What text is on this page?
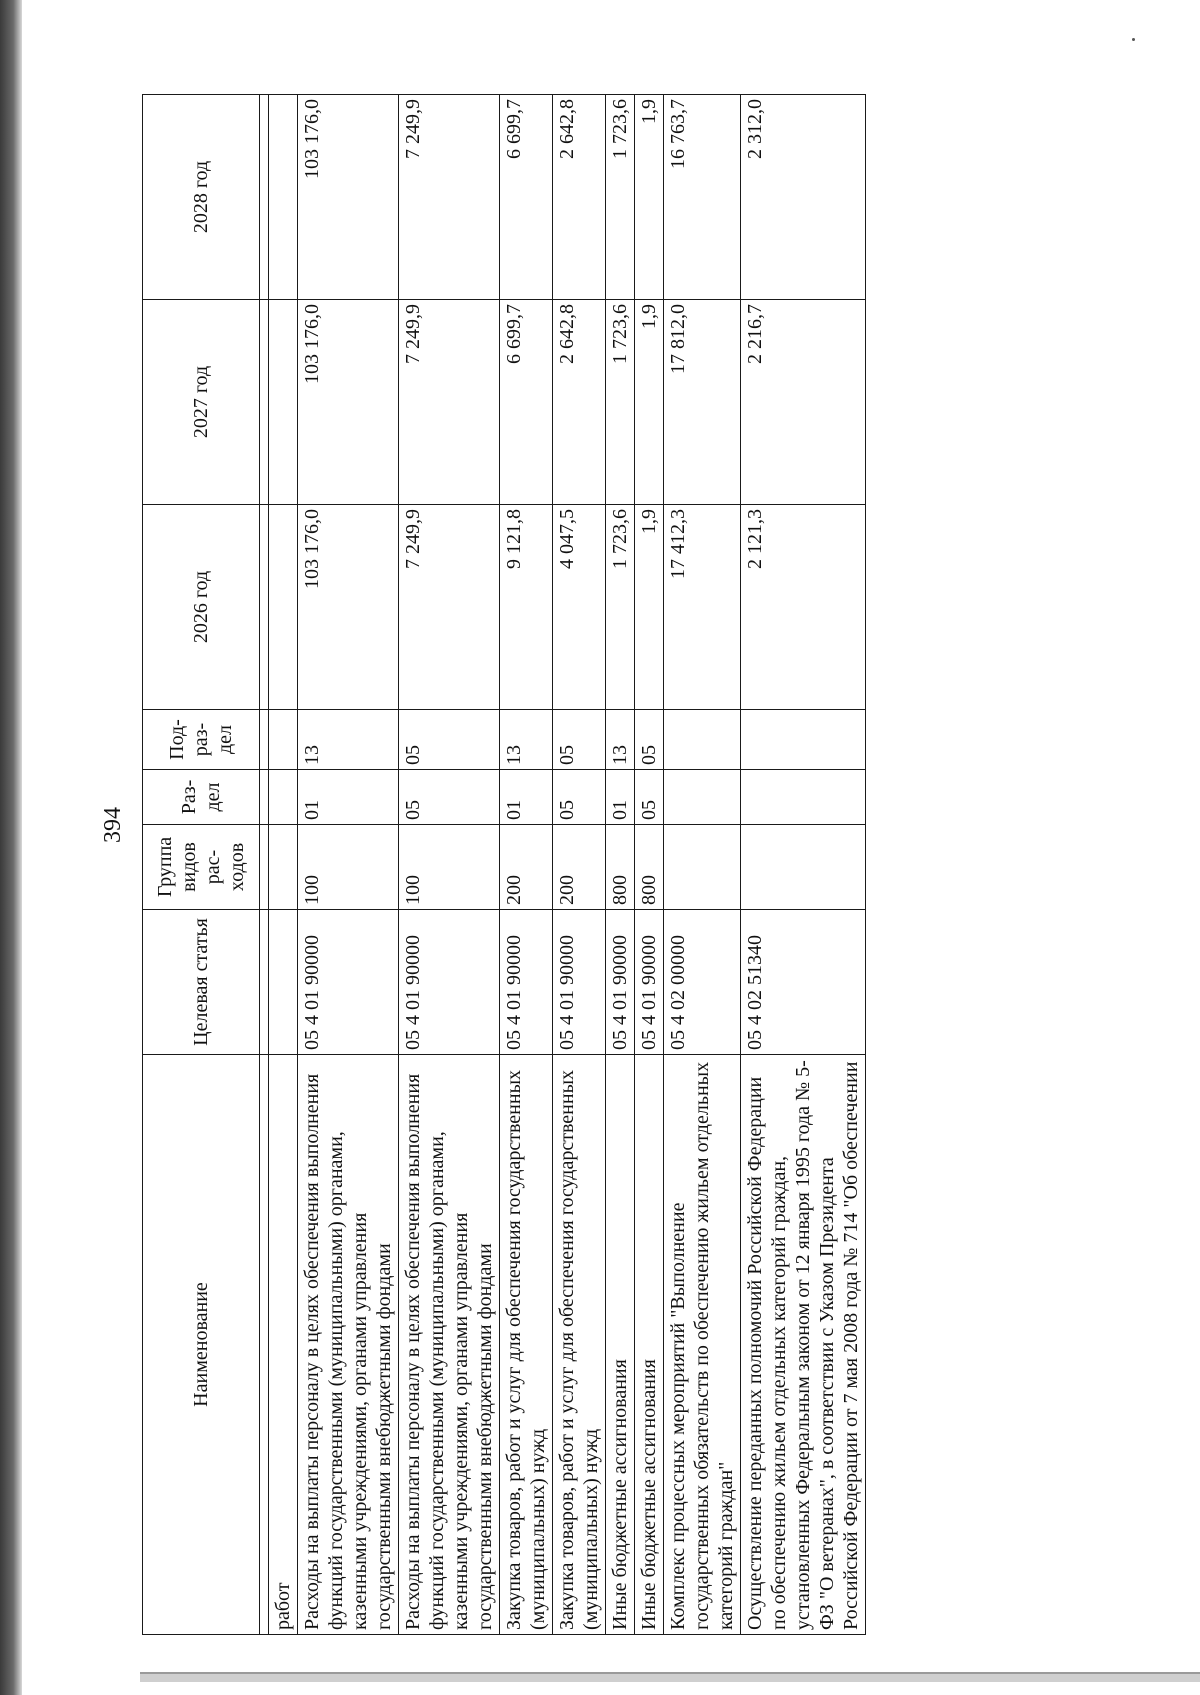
394
Наименование	Целевая статья	Группа видов рас-ходов	Раз-дел	Под-раз-дел	2026 год	2027 год	2028 год

работ							
Расходы на выплаты персоналу в целях обеспечения выполнения функций государственными (муниципальными) органами, казенными учреждениями, органами управления государственными внебюджетными фондами	05 4 01 90000	100	01	13	103 176,0	103 176,0	103 176,0
Расходы на выплаты персоналу в целях обеспечения выполнения функций государственными (муниципальными) органами, казенными учреждениями, органами управления государственными внебюджетными фондами	05 4 01 90000	100	05	05	7 249,9	7 249,9	7 249,9
Закупка товаров, работ и услуг для обеспечения государственных (муниципальных) нужд	05 4 01 90000	200	01	13	9 121,8	6 699,7	6 699,7
Закупка товаров, работ и услуг для обеспечения государственных (муниципальных) нужд	05 4 01 90000	200	05	05	4 047,5	2 642,8	2 642,8
Иные бюджетные ассигнования	05 4 01 90000	800	01	13	1 723,6	1 723,6	1 723,6
Иные бюджетные ассигнования	05 4 01 90000	800	05	05	1,9	1,9	1,9
Комплекс процессных мероприятий "Выполнение государственных обязательств по обеспечению жильем отдельных категорий граждан"	05 4 02 00000				17 412,3	17 812,0	16 763,7
Осуществление переданных полномочий Российской Федерации по обеспечению жильем отдельных категорий граждан, установленных Федеральным законом от 12 января 1995 года № 5-ФЗ "О ветеранах", в соответствии с Указом Президента Российской Федерации от 7 мая 2008 года № 714 "Об обеспечении	05 4 02 51340				2 121,3	2 216,7	2 312,0
